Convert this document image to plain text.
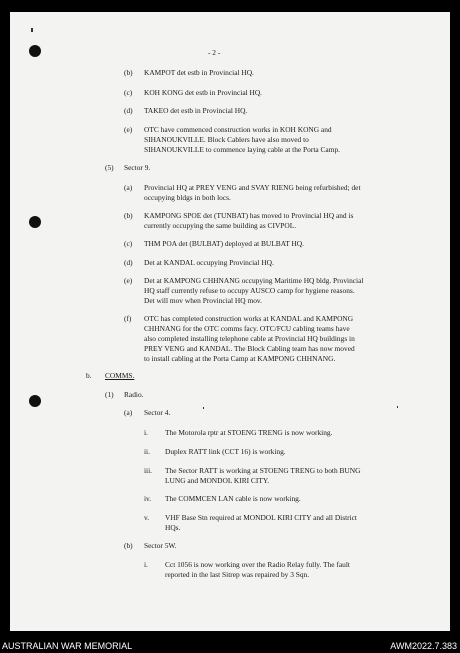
- 2 -

(b) KAMPOT det estb in Provincial HQ.

(c) KOH KONG det estb in Provincial HQ.

(d) TAKEO det estb in Provincial HQ.

(e) OTC have commenced construction works in KOH KONG and

SIHANOUKVILLE. Block Cablers have also moved to

SIHANOUKVILLE to commence laying cable at the Porta Camp.

(5) Sector 9.

(a) Provincial HQ at PREY VENG and SVAY RIENG being refurbished; det

occupying bldgs in both locs.

(b) KAMPONG SPOE det (TUNBAT) has moved to Provincial HQ and is

currently occupying the same building as CIVPOL.

(c) THM POA det (BULBAT) deployed at BULBAT HQ.

(d) Det at KANDAL occupying Provincial HQ.

(e) Det at KAMPONG CHHNANG occupying Maritime HQ bldg. Provincial

HQ staff currently refuse to occupy AUSCO camp for hygiene reasons.

Det will mov when Provincial HQ mov.

(f) OTC has completed construction works at KANDAL and KAMPONG

CHHNANG for the OTC comms facy. OTC/FCU cabling teams have

also completed installing telephone cable at Provincial HQ buildings in

PREY VENG and KANDAL. The Block Cabling team has now moved

to install cabling at the Porta Camp at KAMPONG CHHNANG.

b. COMMS.

(1) Radio.

(a) Sector 4.

i. The Motorola rptr at STOENG TRENG is now working.

ii. Duplex RATT link (CCT 16) is working.

iii. The Sector RATT is working at STOENG TRENG to both BUNG

LUNG and MONDOL KIRI CITY.

iv. The COMMCEN LAN cable is now working.

v. VHF Base Stn required at MONDOL KIRI CITY and all District

HQs.

(b) Sector 5W.

i. Cct 1056 is now working over the Radio Relay fully. The fault

reported in the last Sitrep was repaired by 3 Sqn.

AUSTRALIAN WAR MEMORIAL	AWM2022.7.383
